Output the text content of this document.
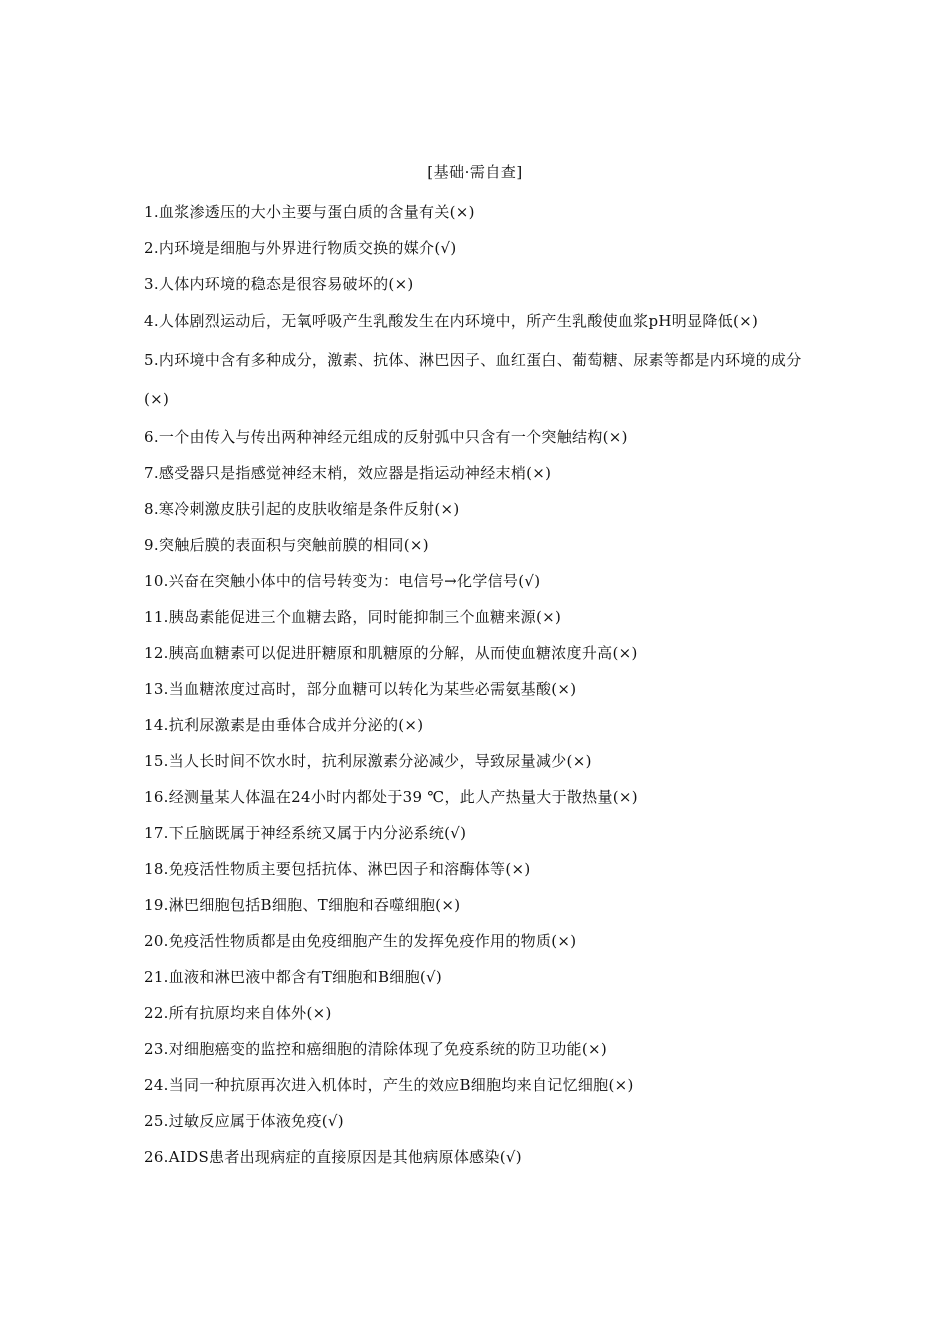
[基础·需自查]
1.血浆渗透压的大小主要与蛋白质的含量有关(×)
2.内环境是细胞与外界进行物质交换的媒介(√)
3.人体内环境的稳态是很容易破坏的(×)
4.人体剧烈运动后，无氧呼吸产生乳酸发生在内环境中，所产生乳酸使血浆pH明显降低(×)
5.内环境中含有多种成分，激素、抗体、淋巴因子、血红蛋白、葡萄糖、尿素等都是内环境的成分(×)
6.一个由传入与传出两种神经元组成的反射弧中只含有一个突触结构(×)
7.感受器只是指感觉神经末梢，效应器是指运动神经末梢(×)
8.寒冷刺激皮肤引起的皮肤收缩是条件反射(×)
9.突触后膜的表面积与突触前膜的相同(×)
10.兴奋在突触小体中的信号转变为：电信号→化学信号(√)
11.胰岛素能促进三个血糖去路，同时能抑制三个血糖来源(×)
12.胰高血糖素可以促进肝糖原和肌糖原的分解，从而使血糖浓度升高(×)
13.当血糖浓度过高时，部分血糖可以转化为某些必需氨基酸(×)
14.抗利尿激素是由垂体合成并分泌的(×)
15.当人长时间不饮水时，抗利尿激素分泌减少，导致尿量减少(×)
16.经测量某人体温在24小时内都处于39 ℃，此人产热量大于散热量(×)
17.下丘脑既属于神经系统又属于内分泌系统(√)
18.免疫活性物质主要包括抗体、淋巴因子和溶酶体等(×)
19.淋巴细胞包括B细胞、T细胞和吞噬细胞(×)
20.免疫活性物质都是由免疫细胞产生的发挥免疫作用的物质(×)
21.血液和淋巴液中都含有T细胞和B细胞(√)
22.所有抗原均来自体外(×)
23.对细胞癌变的监控和癌细胞的清除体现了免疫系统的防卫功能(×)
24.当同一种抗原再次进入机体时，产生的效应B细胞均来自记忆细胞(×)
25.过敏反应属于体液免疫(√)
26.AIDS患者出现病症的直接原因是其他病原体感染(√)
